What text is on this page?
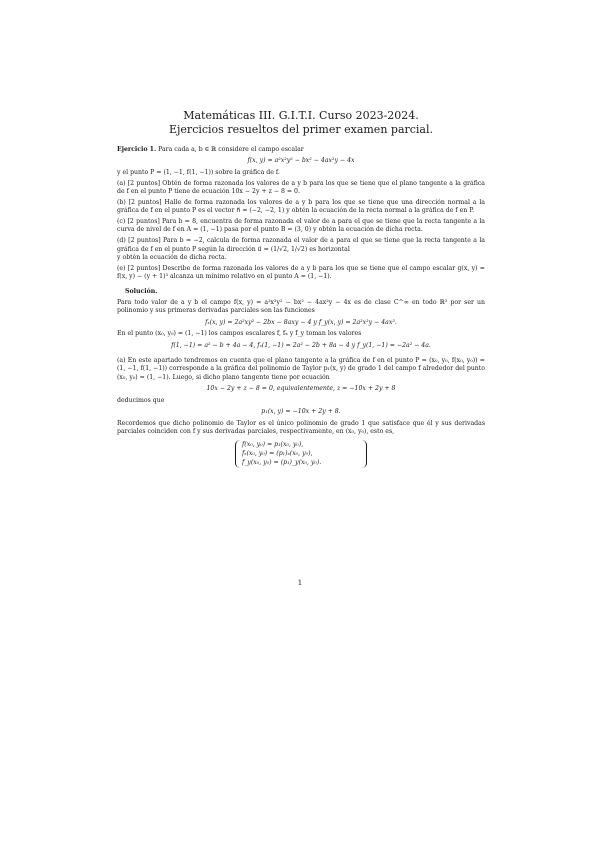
Matemáticas III. G.I.T.I. Curso 2023-2024.

Ejercicios resueltos del primer examen parcial.

Ejercicio 1. Para cada a, b ∈ ℝ considere el campo escalar

f(x, y) = a²x²y² − bx² − 4ax²y − 4x

y el punto P = (1, −1, f(1, −1)) sobre la gráfica de f.

(a) [2 puntos] Obtén de forma razonada los valores de a y b para los que se tiene que el plano tangente a la gráfica de f en el punto P tiene de ecuación 10x − 2y + z − 8 = 0.

(b) [2 puntos] Halle de forma razonada los valores de a y b para los que se tiene que una dirección normal a la gráfica de f en el punto P es el vector n⃗ = (−2, −2, 1) y obtén la ecuación de la recta normal a la gráfica de f en P.

(c) [2 puntos] Para b = 8, encuentra de forma razonada el valor de a para el que se tiene que la recta tangente a la curva de nivel de f en A = (1, −1) pasa por el punto B = (3, 0) y obtén la ecuación de dicha recta.

(d) [2 puntos] Para b = −2, calcula de forma razonada el valor de a para el que se tiene que la recta tangente a la gráfica de f en el punto P según la dirección u⃗ = (1/√2, 1/√2) es horizontal

y obtén la ecuación de dicha recta.

(e) [2 puntos] Describe de forma razonada los valores de a y b para los que se tiene que el campo escalar g(x, y) = f(x, y) − (y + 1)³ alcanza un mínimo relativo en el punto A = (1, −1).

Solución.

Para todo valor de a y b el campo f(x, y) = a²x²y² − bx² − 4ax²y − 4x es de clase C^∞ en todo ℝ² por ser un polinomio y sus primeras derivadas parciales son las funciones

fₓ(x, y) = 2a²xy² − 2bx − 8axy − 4 y f_y(x, y) = 2a²x²y − 4ax².

En el punto (x₀, y₀) = (1, −1) los campos escalares f, fₓ y f_y toman los valores

f(1, −1) = a² − b + 4a − 4, fₓ(1, −1) = 2a² − 2b + 8a − 4 y f_y(1, −1) = −2a² − 4a.

(a) En este apartado tendremos en cuenta que el plano tangente a la gráfica de f en el punto P = (x₀, y₀, f(x₀, y₀)) = (1, −1, f(1, −1)) corresponde a la gráfica del polinomio de Taylor p₁(x, y) de grado 1 del campo f alrededor del punto (x₀, y₀) = (1, −1). Luego, si dicho plano tangente tiene por ecuación

10x − 2y + z − 8 = 0, equivalentemente, z = −10x + 2y + 8

deducimos que

p₁(x, y) = −10x + 2y + 8.

Recordemos que dicho polinomio de Taylor es el único polinomio de grado 1 que satisface que él y sus derivadas parciales coinciden con f y sus derivadas parciales, respectivamente, en (x₀, y₀), esto es,

f(x₀, y₀) = p₁(x₀, y₀),
fₓ(x₀, y₀) = (p₁)ₓ(x₀, y₀),
f_y(x₀, y₀) = (p₁)_y(x₀, y₀).
1
